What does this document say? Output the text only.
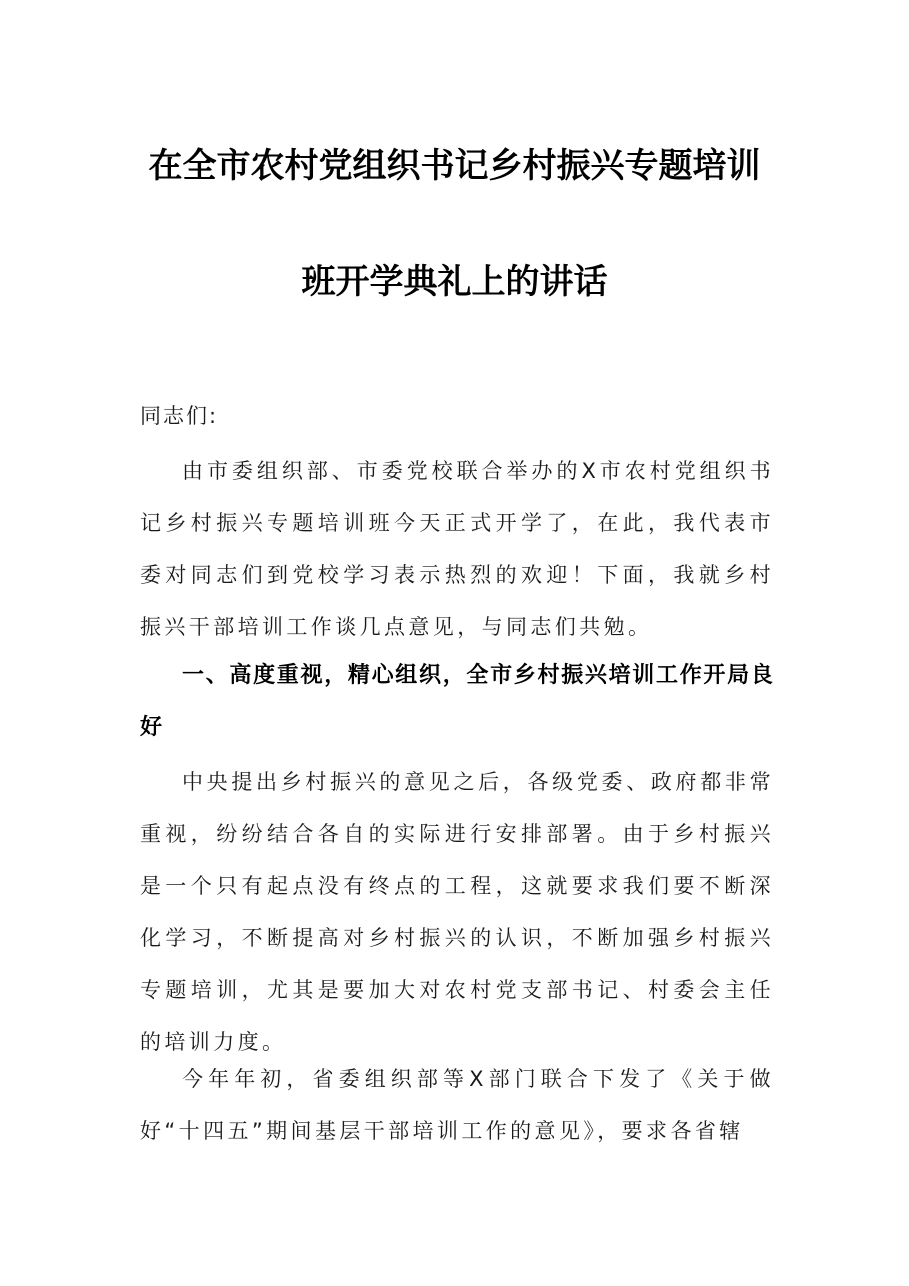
在全市农村党组织书记乡村振兴专题培训
班开学典礼上的讲话
同志们:
由市委组织部、市委党校联合举办的X市农村党组织书记乡村振兴专题培训班今天正式开学了，在此，我代表市委对同志们到党校学习表示热烈的欢迎！下面，我就乡村振兴干部培训工作谈几点意见，与同志们共勉。
一、高度重视，精心组织，全市乡村振兴培训工作开局良好
中央提出乡村振兴的意见之后，各级党委、政府都非常重视，纷纷结合各自的实际进行安排部署。由于乡村振兴是一个只有起点没有终点的工程，这就要求我们要不断深化学习，不断提高对乡村振兴的认识，不断加强乡村振兴专题培训，尤其是要加大对农村党支部书记、村委会主任的培训力度。
今年年初，省委组织部等X部门联合下发了《关于做好“十四五”期间基层干部培训工作的意见》，要求各省辖
